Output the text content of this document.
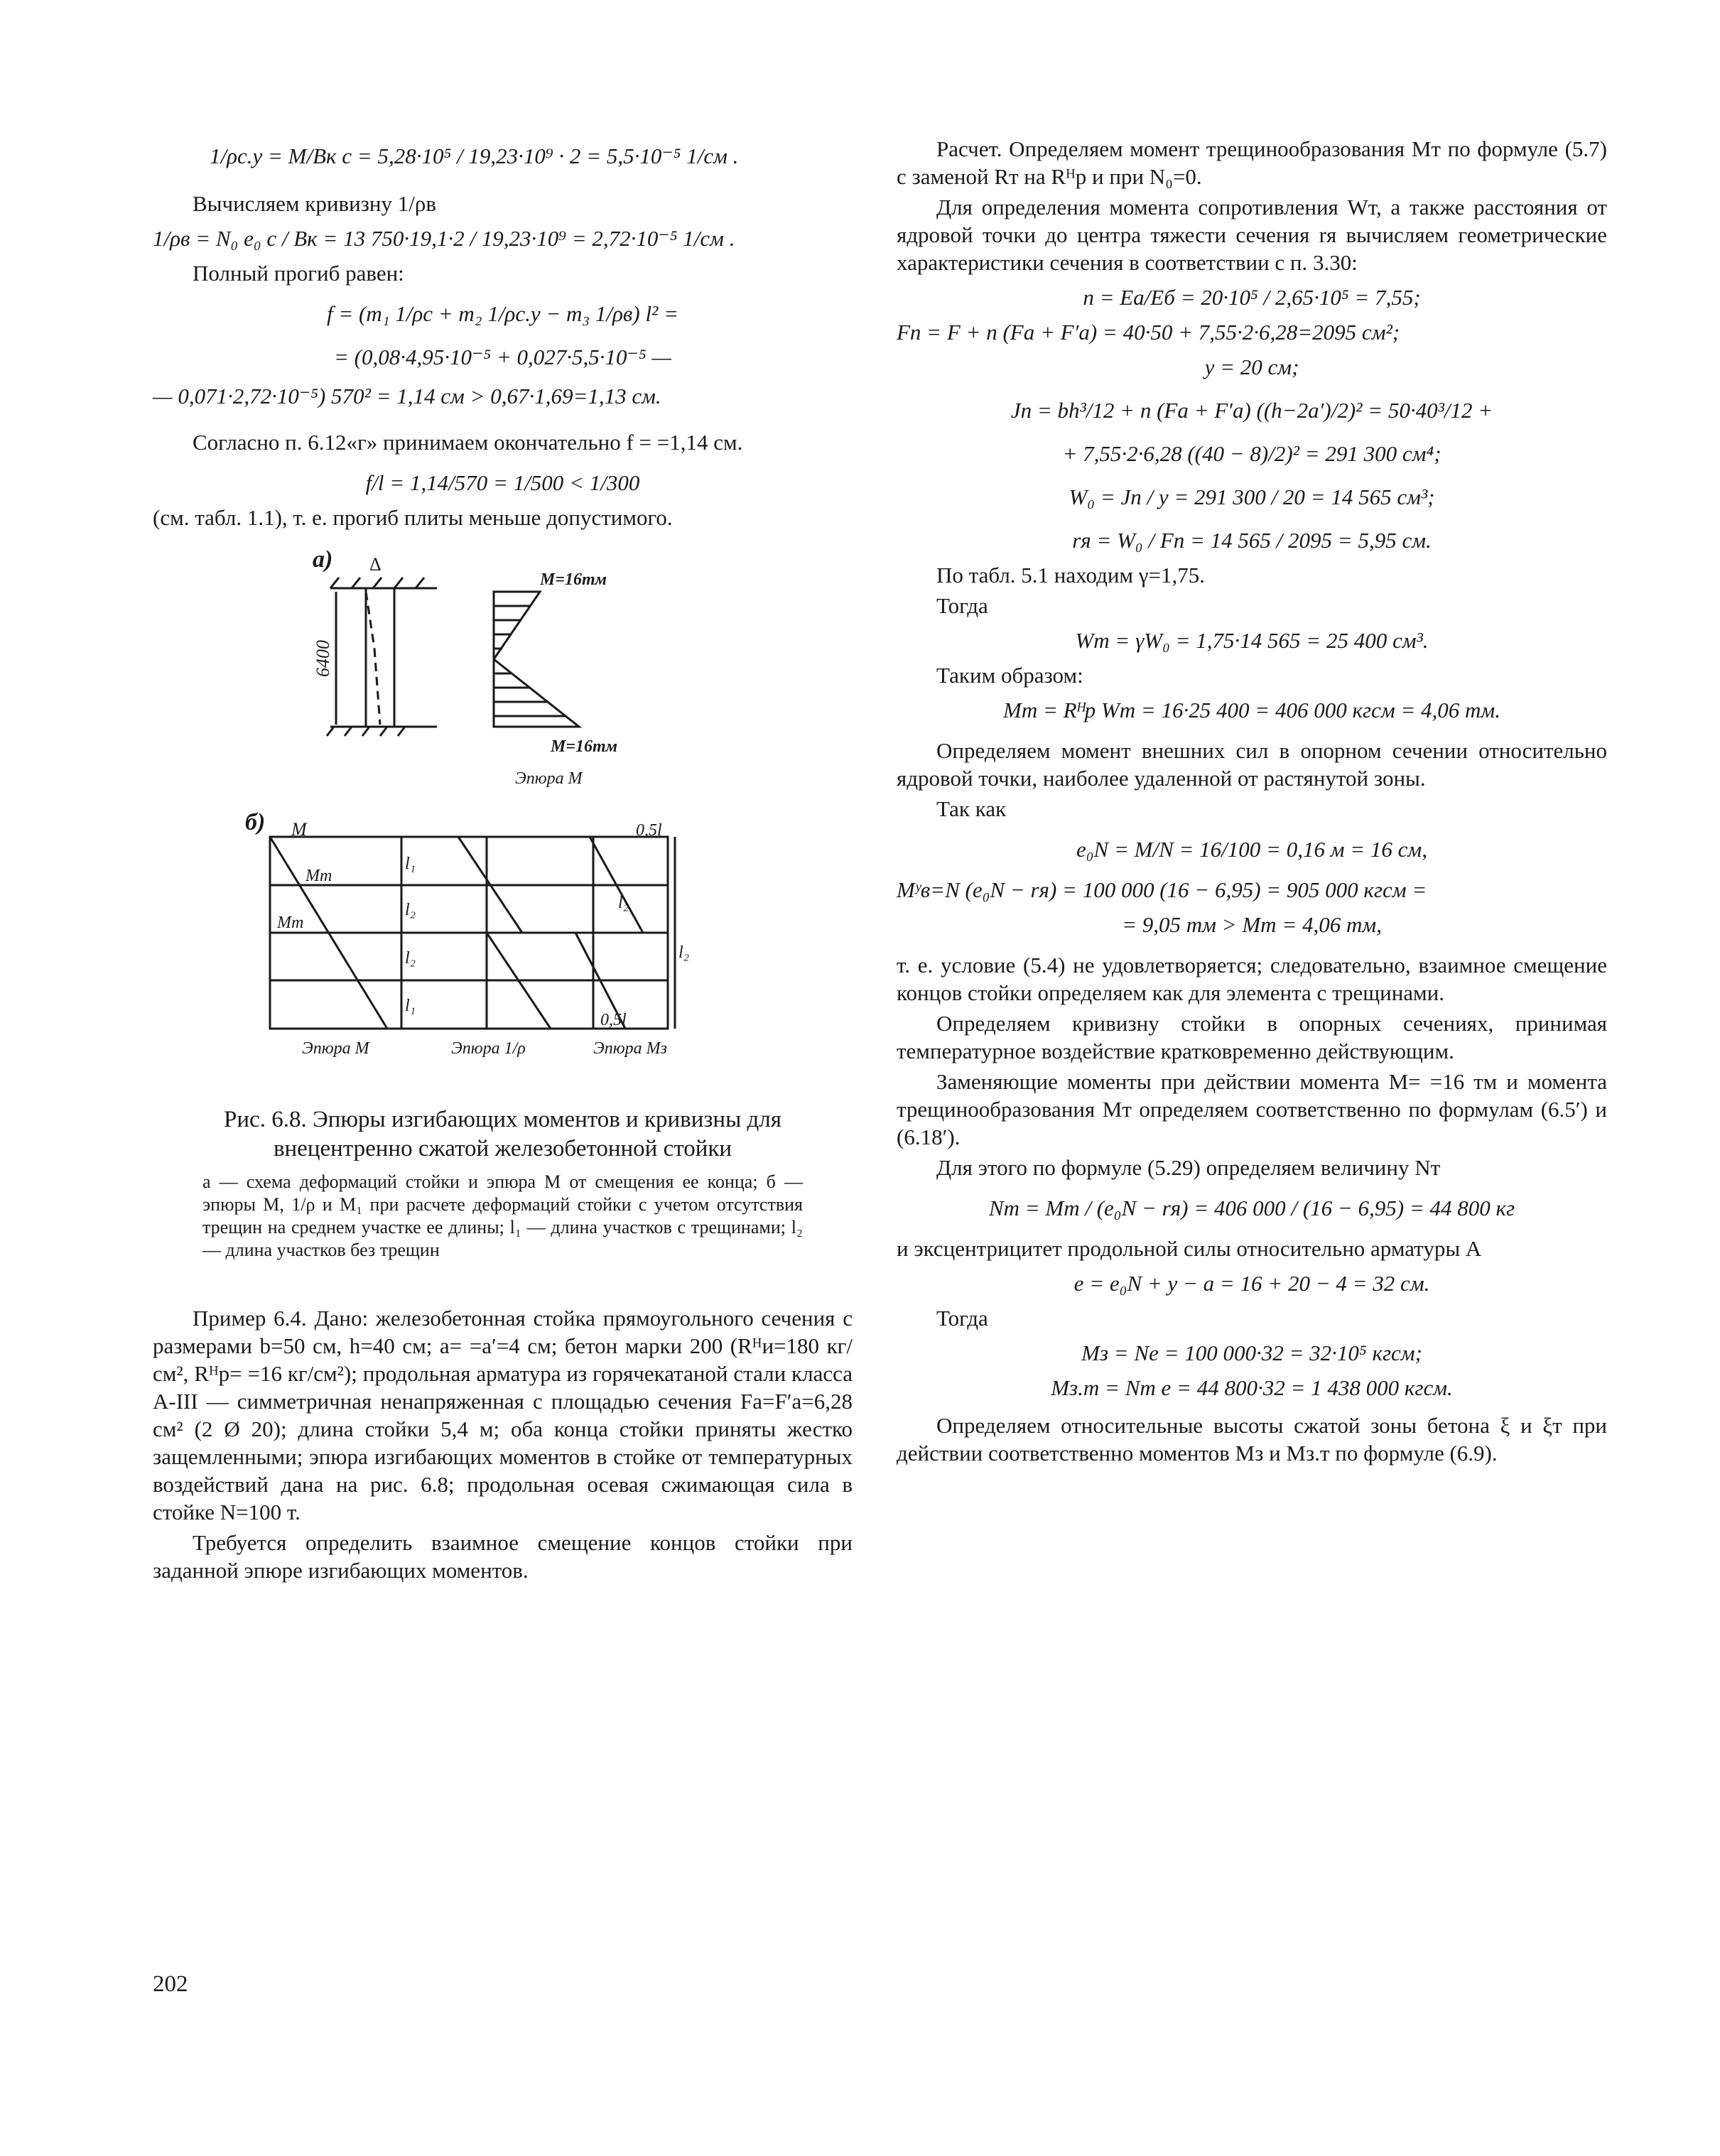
1/ρс.у = M/Bк c = 5,28·10⁵ / 19,23·10⁹ · 2 = 5,5·10⁻⁵ 1/см .

Вычисляем кривизну 1/ρв

1/ρв = N₀ e₀ c / Bк = 13 750·19,1·2 / 19,23·10⁹ = 2,72·10⁻⁵ 1/см .

Полный прогиб равен:

f = (m₁ 1/ρс + m₂ 1/ρс.у − m₃ 1/ρв) l² =
= (0,08·4,95·10⁻⁵ + 0,027·5,5·10⁻⁵ —
— 0,071·2,72·10⁻⁵) 570² = 1,14 см > 0,67·1,69=1,13 см.

Согласно п. 6.12«г» принимаем окончательно f = =1,14 см.

f/l = 1,14/570 = 1/500 < 1/300

(см. табл. 1.1), т. е. прогиб плиты меньше допустимого.

а) Δ
6400
М=16тм
М=16тм
Эпюра М
б) М
Мт
Мт
l₁
l₂
l₂
l₁
0,5l
0,5l
l₂
l₂
Эпюра М	Эпюра 1/ρ	Эпюра Мз
Рис. 6.8. Эпюры изгибающих моментов и кривизны для внецентренно сжатой железобетонной стойки
а — схема деформаций стойки и эпюра М от смещения ее конца; б — эпюры М, 1/ρ и М₁ при расчете деформаций стойки с учетом отсутствия трещин на среднем участке ее длины; l₁ — длина участков с трещинами; l₂ — длина участков без трещин

Пример 6.4. Дано: железобетонная стойка прямоугольного сечения с размерами b=50 см, h=40 см; a= =a′=4 см; бетон марки 200 (Rᴴи=180 кг/см², Rᴴр= =16 кг/см²); продольная арматура из горячекатаной стали класса А-III — симметричная ненапряженная с площадью сечения Fа=F′а=6,28 см² (2 Ø 20); длина стойки 5,4 м; оба конца стойки приняты жестко защемленными; эпюра изгибающих моментов в стойке от температурных воздействий дана на рис. 6.8; продольная осевая сжимающая сила в стойке N=100 т.

Требуется определить взаимное смещение концов стойки при заданной эпюре изгибающих моментов.

Расчет. Определяем момент трещинообразования Мт по формуле (5.7) с заменой Rт на Rᴴр и при N₀=0.

Для определения момента сопротивления Wт, а также расстояния от ядровой точки до центра тяжести сечения rя вычисляем геометрические характеристики сечения в соответствии с п. 3.30:

n = Eа/Eб = 20·10⁵ / 2,65·10⁵ = 7,55;
Fп = F + n (Fа + F′а) = 40·50 + 7,55·2·6,28=2095 см²;
y = 20 см;
Jп = bh³/12 + n (Fа + F′а) ((h−2a′)/2)² = 50·40³/12 +
+ 7,55·2·6,28 ((40 − 8)/2)² = 291 300 см⁴;
W₀ = Jп / y = 291 300 / 20 = 14 565 см³;
rя = W₀ / Fп = 14 565 / 2095 = 5,95 см.

По табл. 5.1 находим γ=1,75.

Тогда

Wт = γW₀ = 1,75·14 565 = 25 400 см³.

Таким образом:

Мт = Rᴴр Wт = 16·25 400 = 406 000 кгсм = 4,06 тм.

Определяем момент внешних сил в опорном сечении относительно ядровой точки, наиболее удаленной от растянутой зоны.

Так как

e₀N = M/N = 16/100 = 0,16 м = 16 см,
Мʸв=N (e₀N − rя) = 100 000 (16 − 6,95) = 905 000 кгсм =
= 9,05 тм > Мт = 4,06 тм,

т. е. условие (5.4) не удовлетворяется; следовательно, взаимное смещение концов стойки определяем как для элемента с трещинами.

Определяем кривизну стойки в опорных сечениях, принимая температурное воздействие кратковременно действующим.

Заменяющие моменты при действии момента М= =16 тм и момента трещинообразования Мт определяем соответственно по формулам (6.5′) и (6.18′).

Для этого по формуле (5.29) определяем величину Nт

Nт = Мт / (e₀N − rя) = 406 000 / (16 − 6,95) = 44 800 кг

и эксцентрицитет продольной силы относительно арматуры А

e = e₀N + y − a = 16 + 20 − 4 = 32 см.

Тогда

Мз = Ne = 100 000·32 = 32·10⁵ кгсм;
Мз.т = Nт e = 44 800·32 = 1 438 000 кгсм.

Определяем относительные высоты сжатой зоны бетона ξ и ξт при действии соответственно моментов Мз и Мз.т по формуле (6.9).

202
